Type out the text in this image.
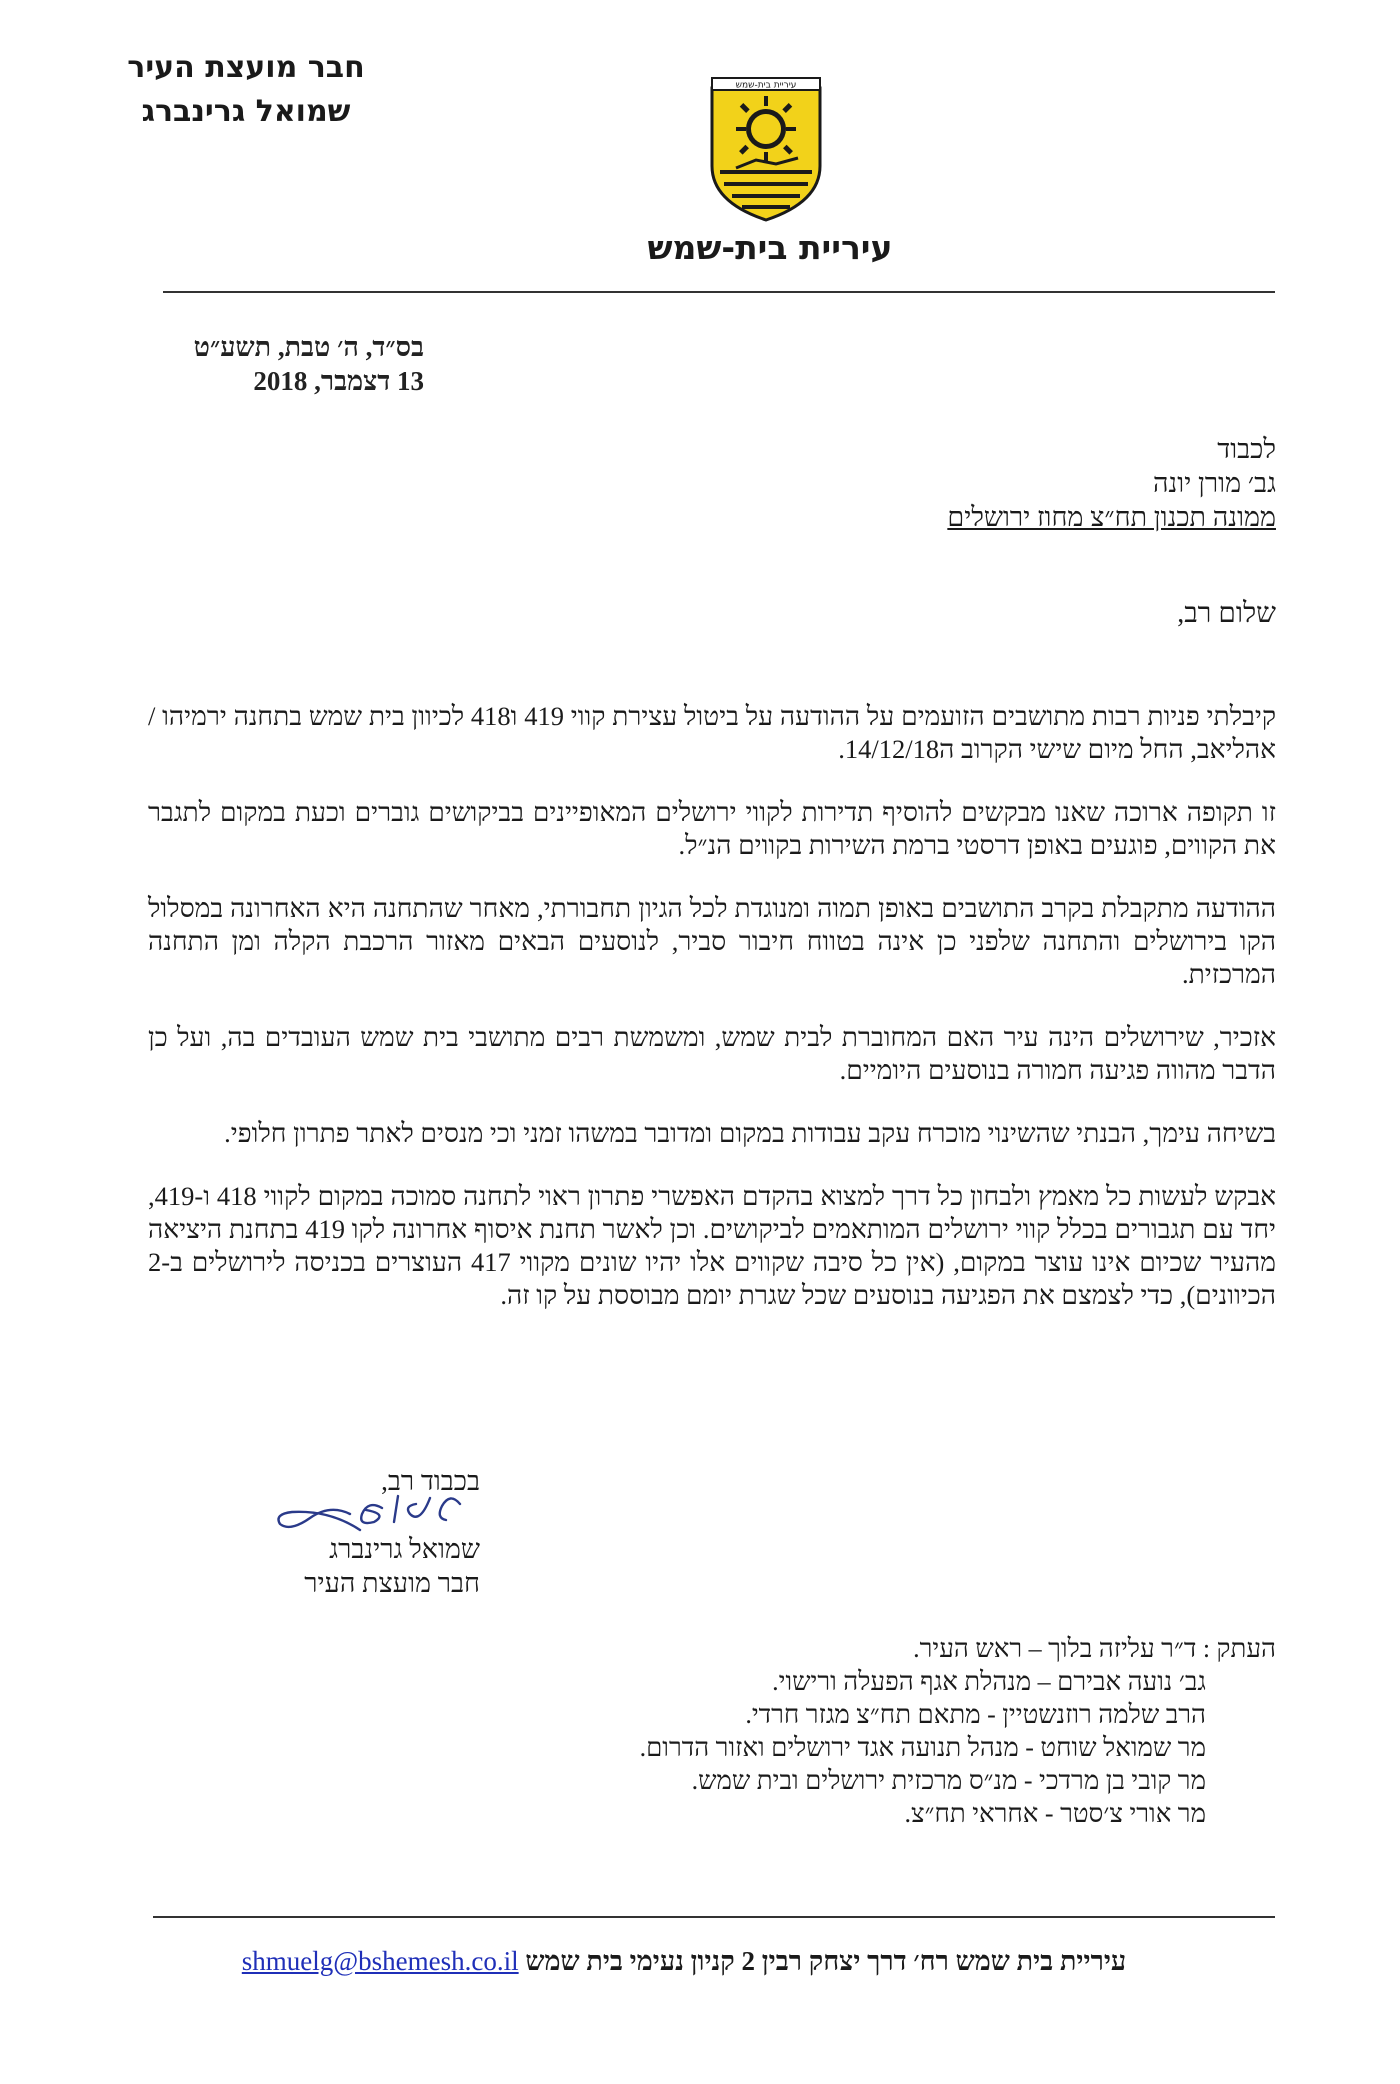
חבר מועצת העיר
שמואל גרינברג
עיריית בית-שמש
עיריית בית-שמש
בס״ד, ה׳ טבת, תשע״ט
13 דצמבר, 2018
לכבוד
גב׳ מורן יונה
ממונה תכנון תח״צ מחוז ירושלים
שלום רב,

קיבלתי פניות רבות מתושבים הזועמים על ההודעה על ביטול עצירת קווי 419 ו418 לכיוון בית שמש בתחנה ירמיהו / אהליאב, החל מיום שישי הקרוב ה14/12/18.

זו תקופה ארוכה שאנו מבקשים להוסיף תדירות לקווי ירושלים המאופיינים בביקושים גוברים וכעת במקום לתגבר את הקווים, פוגעים באופן דרסטי ברמת השירות בקווים הנ״ל.

ההודעה מתקבלת בקרב התושבים באופן תמוה ומנוגדת לכל הגיון תחבורתי, מאחר שהתחנה היא האחרונה במסלול הקו בירושלים והתחנה שלפני כן אינה בטווח חיבור סביר, לנוסעים הבאים מאזור הרכבת הקלה ומן התחנה המרכזית.

אזכיר, שירושלים הינה עיר האם המחוברת לבית שמש, ומשמשת רבים מתושבי בית שמש העובדים בה, ועל כן הדבר מהווה פגיעה חמורה בנוסעים היומיים.

בשיחה עימך, הבנתי שהשינוי מוכרח עקב עבודות במקום ומדובר במשהו זמני וכי מנסים לאתר פתרון חלופי.

אבקש לעשות כל מאמץ ולבחון כל דרך למצוא בהקדם האפשרי פתרון ראוי לתחנה סמוכה במקום לקווי 418 ו-419, יחד עם תגבורים בכלל קווי ירושלים המותאמים לביקושים. וכן לאשר תחנת איסוף אחרונה לקו 419 בתחנת היציאה מהעיר שכיום אינו עוצר במקום, (אין כל סיבה שקווים אלו יהיו שונים מקווי 417 העוצרים בכניסה לירושלים ב-2 הכיוונים), כדי לצמצם את הפגיעה בנוסעים שכל שגרת יומם מבוססת על קו זה.

בכבוד רב,
שמואל גרינברג
חבר מועצת העיר
העתק : ד״ר עליזה בלוך – ראש העיר.
גב׳ נועה אבירם – מנהלת אגף הפעלה ורישוי.
הרב שלמה רוזנשטיין - מתאם תח״צ מגזר חרדי.
מר שמואל שוחט - מנהל תנועה אגד ירושלים ואזור הדרום.
מר קובי בן מרדכי - מנ״ס מרכזית ירושלים ובית שמש.
מר אורי צ׳סטר - אחראי תח״צ.
עיריית בית שמש רח׳ דרך יצחק רבין 2 קניון נעימי בית שמש shmuelg@bshemesh.co.il
